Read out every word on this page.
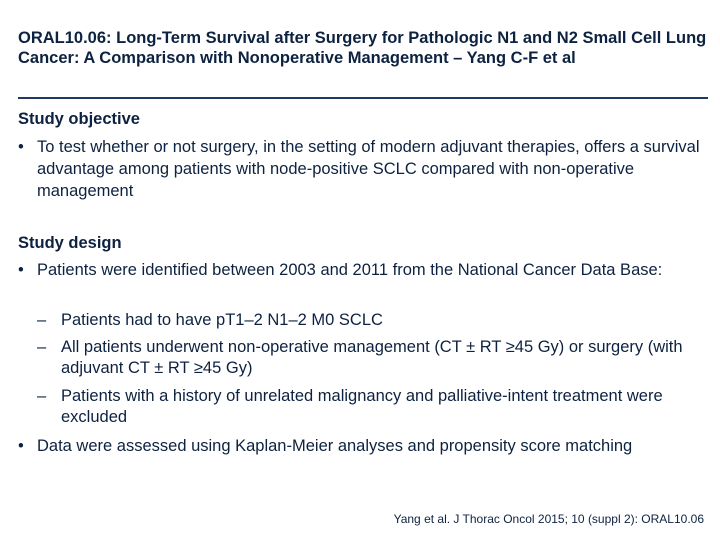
ORAL10.06: Long-Term Survival after Surgery for Pathologic N1 and N2 Small Cell Lung Cancer: A Comparison with Nonoperative Management – Yang C-F et al
Study objective
• To test whether or not surgery, in the setting of modern adjuvant therapies, offers a survival advantage among patients with node-positive SCLC compared with non-operative management
Study design
• Patients were identified between 2003 and 2011 from the National Cancer Data Base:
– Patients had to have pT1–2 N1–2 M0 SCLC
– All patients underwent non-operative management (CT ± RT ≥45 Gy) or surgery (with adjuvant CT ± RT ≥45 Gy)
– Patients with a history of unrelated malignancy and palliative-intent treatment were excluded
• Data were assessed using Kaplan-Meier analyses and propensity score matching
Yang et al. J Thorac Oncol 2015; 10 (suppl 2): ORAL10.06
